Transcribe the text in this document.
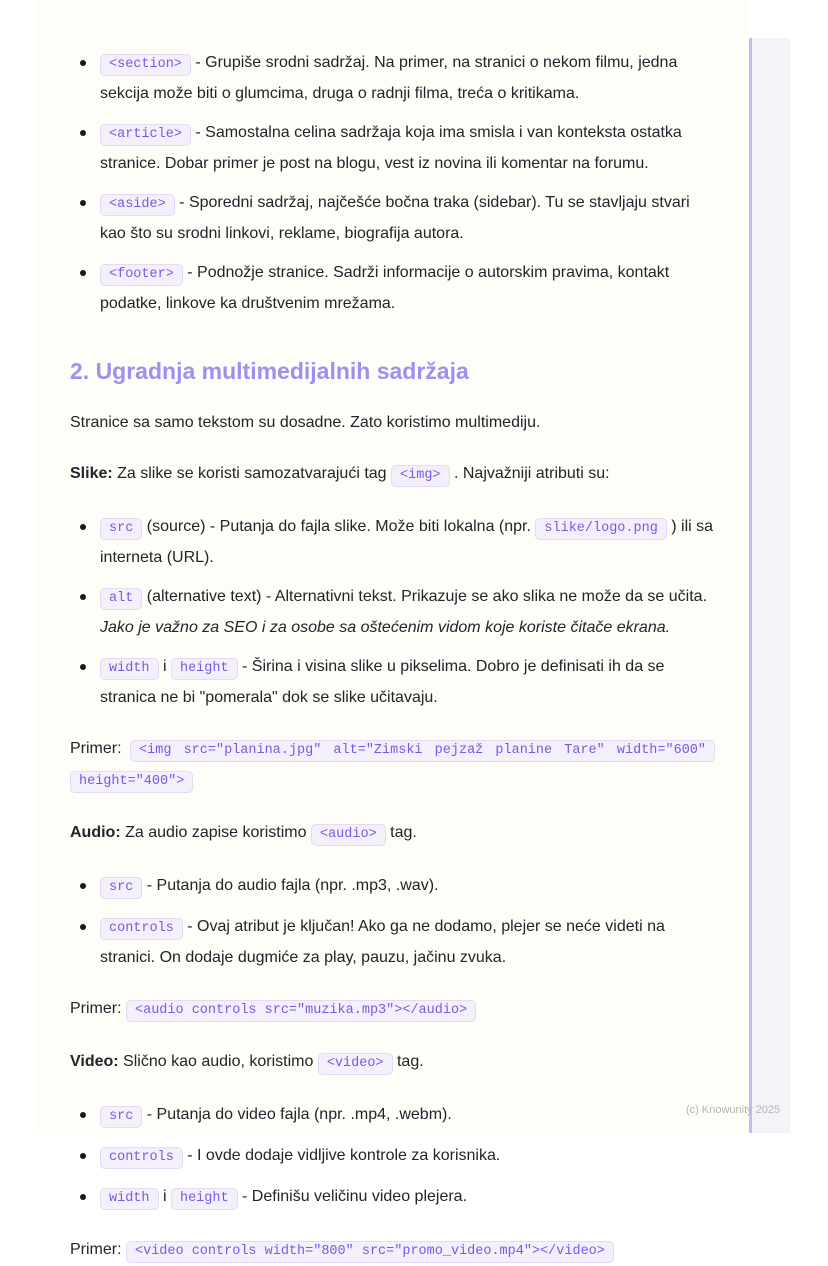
<section> - Grupiše srodni sadržaj. Na primer, na stranici o nekom filmu, jedna sekcija može biti o glumcima, druga o radnji filma, treća o kritikama.
<article> - Samostalna celina sadržaja koja ima smisla i van konteksta ostatka stranice. Dobar primer je post na blogu, vest iz novina ili komentar na forumu.
<aside> - Sporedni sadržaj, najčešće bočna traka (sidebar). Tu se stavljaju stvari kao što su srodni linkovi, reklame, biografija autora.
<footer> - Podnožje stranice. Sadrži informacije o autorskim pravima, kontakt podatke, linkove ka društvenim mrežama.
2. Ugradnja multimedijalnih sadržaja

Stranice sa samo tekstom su dosadne. Zato koristimo multimediju.

Slike: Za slike se koristi samozatvarajući tag <img> . Najvažniji atributi su:

src (source) - Putanja do fajla slike. Može biti lokalna (npr. slike/logo.png ) ili sa interneta (URL).
alt (alternative text) - Alternativni tekst. Prikazuje se ako slika ne može da se učita. Jako je važno za SEO i za osobe sa oštećenim vidom koje koriste čitače ekrana.
width i height - Širina i visina slike u pikselima. Dobro je definisati ih da se stranica ne bi "pomerala" dok se slike učitavaju.

Primer: <img src="planina.jpg" alt="Zimski pejzaž planine Tare" width="600" height="400">

Audio: Za audio zapise koristimo <audio> tag.

src - Putanja do audio fajla (npr. .mp3, .wav).
controls - Ovaj atribut je ključan! Ako ga ne dodamo, plejer se neće videti na stranici. On dodaje dugmiće za play, pauzu, jačinu zvuka.

Primer: <audio controls src="muzika.mp3"></audio>

Video: Slično kao audio, koristimo <video> tag.

src - Putanja do video fajla (npr. .mp4, .webm).
controls - I ovde dodaje vidljive kontrole za korisnika.
width i height - Definišu veličinu video plejera.

Primer: <video controls width="800" src="promo_video.mp4"></video>

(c) Knowunity 2025
